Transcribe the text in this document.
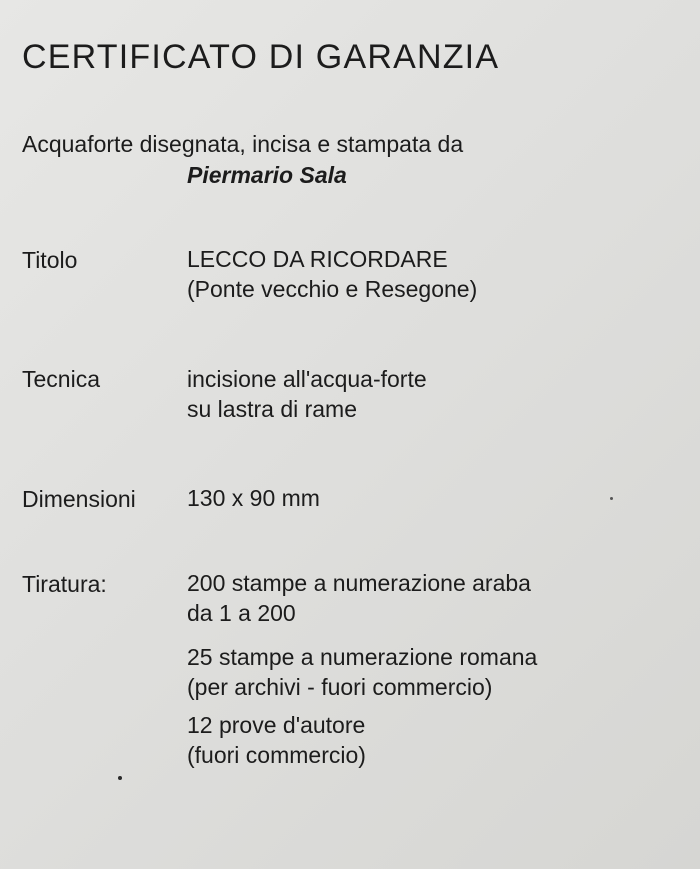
CERTIFICATO DI GARANZIA
Acquaforte disegnata, incisa e stampata da
Piermario Sala
Titolo	LECCO DA RICORDARE
(Ponte vecchio e Resegone)
Tecnica	incisione all'acqua-forte
su lastra di rame
Dimensioni 130 x 90 mm
Tiratura:	200 stampe a numerazione araba
da 1 a 200
25 stampe a numerazione romana
(per archivi - fuori commercio)
12 prove d'autore
(fuori commercio)
